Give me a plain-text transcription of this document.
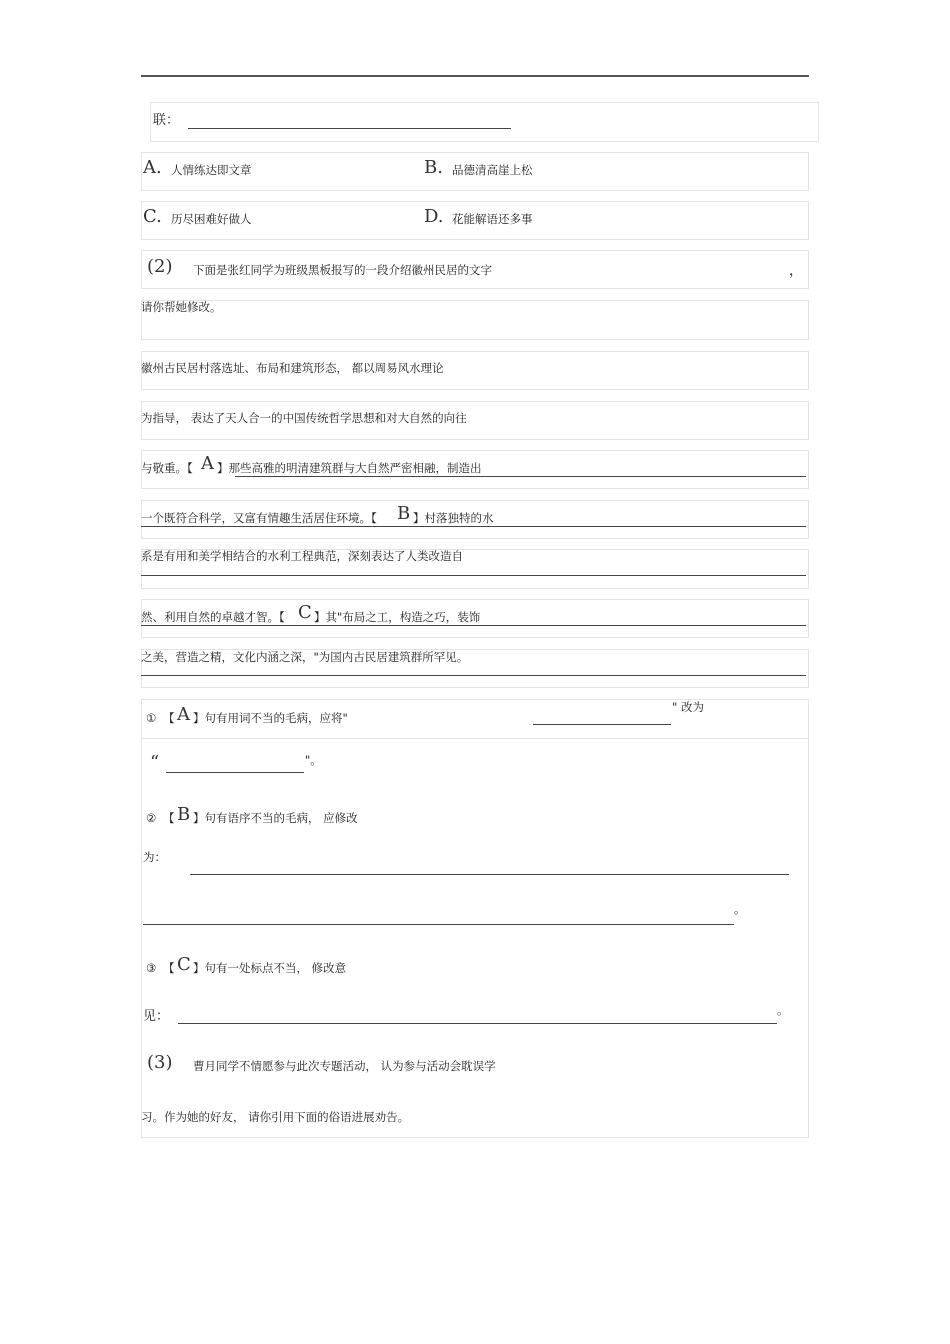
联：
A. 人情练达即文章	B. 品德清高崖上松
C. 历尽困难好做人	D. 花能解语还多事
(2) 下面是张红同学为班级黑板报写的一段介绍徽州民居的文字	，
请你帮她修改。
徽州古民居村落选址、布局和建筑形态， 都以周易风水理论
为指导， 表达了天人合一的中国传统哲学思想和对大自然的向往
与敬重。【 A 】那些高雅的明清建筑群与大自然严密相融，制造出
一个既符合科学，又富有情趣生活居住环境。【 B 】村落独特的水
系是有用和美学相结合的水利工程典范，深刻表达了人类改造自
然、利用自然的卓越才智。【 C 】其"布局之工，构造之巧，装饰
之美，营造之精，文化内涵之深，"为国内古民居建筑群所罕见。
① 【 A 】句有用词不当的毛病，应将"
" 改为
“	"。
② 【 B 】句有语序不当的毛病， 应修改
为：
。
③ 【 C 】句有一处标点不当， 修改意
见：	。
(3) 曹月同学不情愿参与此次专题活动， 认为参与活动会耽误学
习。作为她的好友， 请你引用下面的俗语进展劝告。
